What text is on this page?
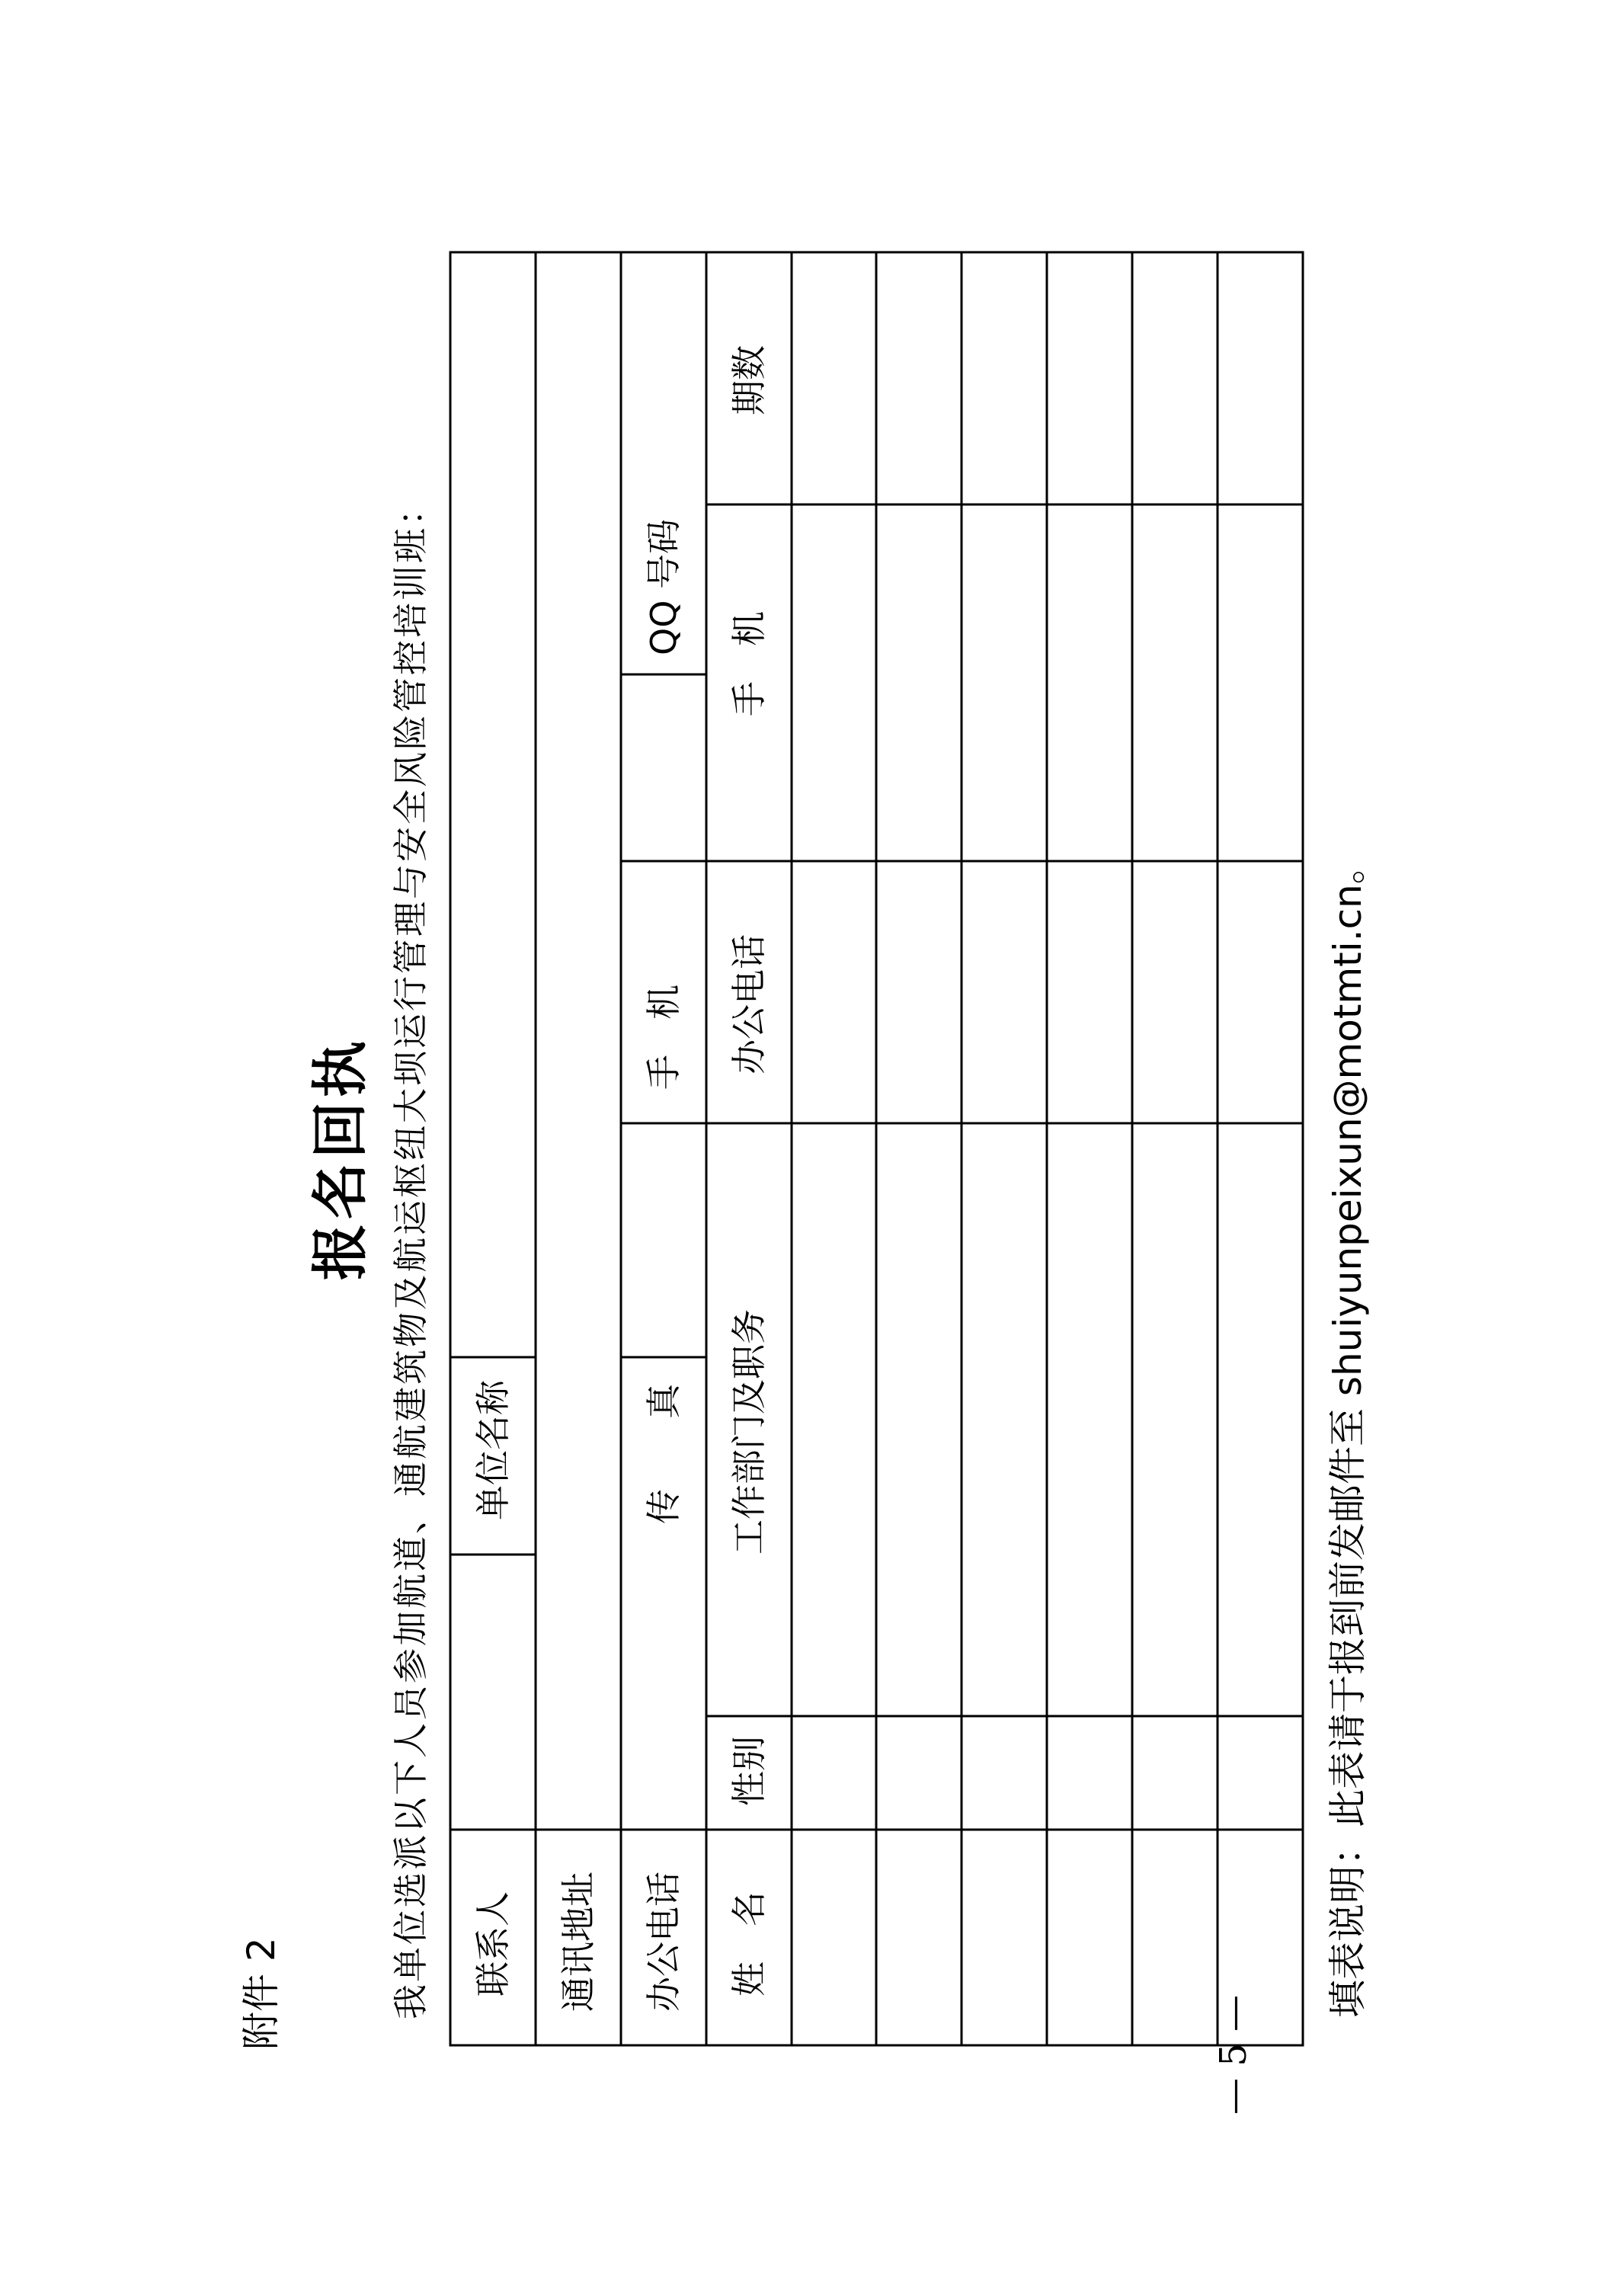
附件 2
报名回执 我单位选派以下人员参加航道、通航建筑物及航运枢纽大坝运行管理与安全风险管控培训班： 联系人
单位名称
通讯地址 办公电话
传　　真
手　机
QQ 号码
姓　名
性别
工作部门及职务
办公电话
手　机
期数
填表说明：此表请于报到前发邮件至 shuiyunpeixun@motmti.cn。
— 5 —
